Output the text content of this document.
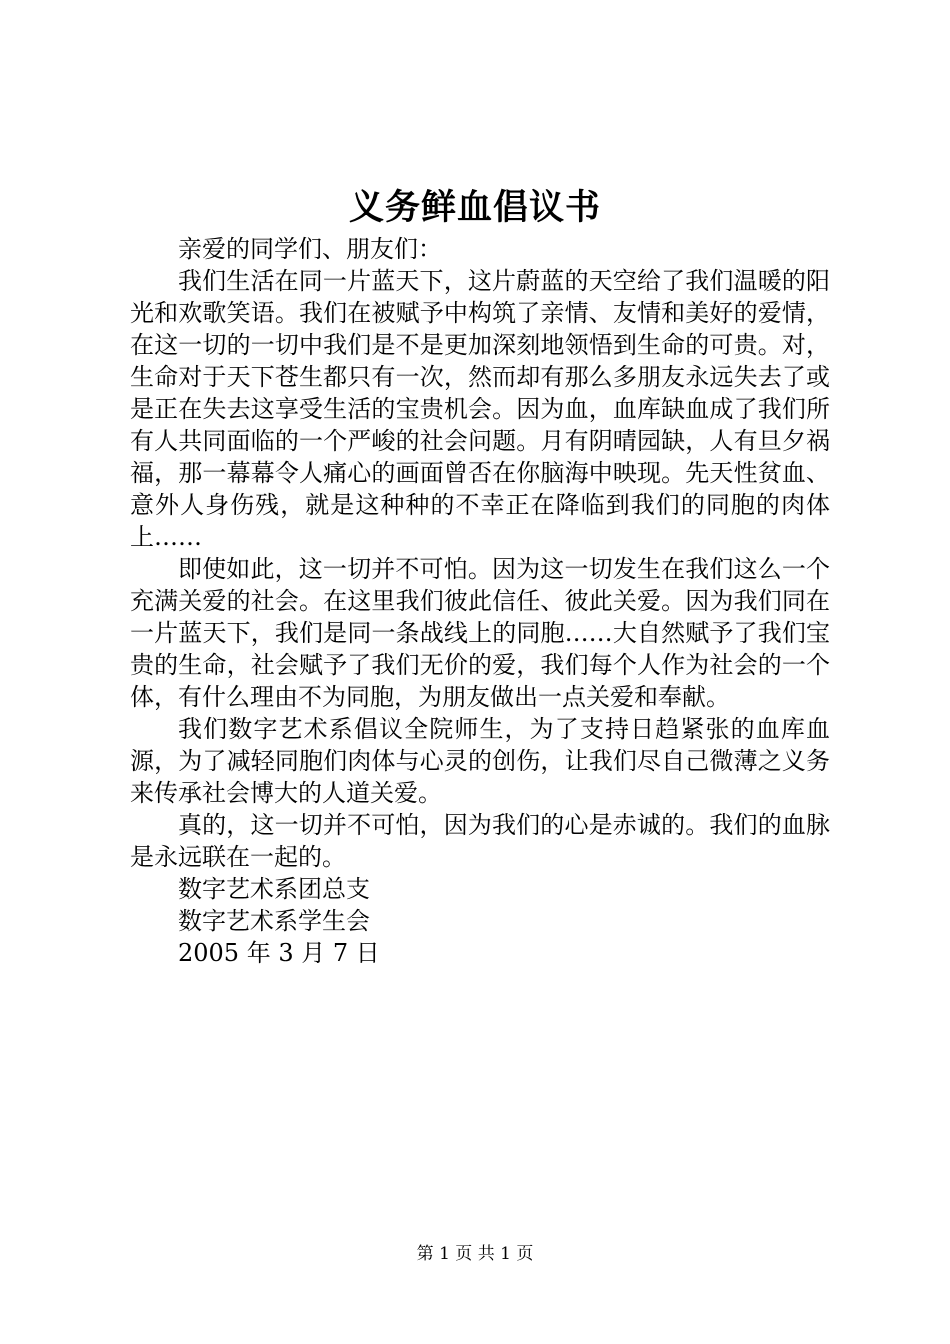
义务鲜血倡议书

亲爱的同学们、朋友们：

我们生活在同一片蓝天下，这片蔚蓝的天空给了我们温暖的阳光和欢歌笑语。我们在被赋予中构筑了亲情、友情和美好的爱情，在这一切的一切中我们是不是更加深刻地领悟到生命的可贵。对，生命对于天下苍生都只有一次，然而却有那么多朋友永远失去了或是正在失去这享受生活的宝贵机会。因为血，血库缺血成了我们所有人共同面临的一个严峻的社会问题。月有阴晴园缺，人有旦夕祸福，那一幕幕令人痛心的画面曾否在你脑海中映现。先天性贫血、意外人身伤残，就是这种种的不幸正在降临到我们的同胞的肉体上……

即使如此，这一切并不可怕。因为这一切发生在我们这么一个充满关爱的社会。在这里我们彼此信任、彼此关爱。因为我们同在一片蓝天下，我们是同一条战线上的同胞……大自然赋予了我们宝贵的生命，社会赋予了我们无价的爱，我们每个人作为社会的一个体，有什么理由不为同胞，为朋友做出一点关爱和奉献。

我们数字艺术系倡议全院师生，为了支持日趋紧张的血库血源，为了减轻同胞们肉体与心灵的创伤，让我们尽自己微薄之义务来传承社会博大的人道关爱。

真的，这一切并不可怕，因为我们的心是赤诚的。我们的血脉是永远联在一起的。

数字艺术系团总支

数字艺术系学生会

2005 年 3 月 7 日

第 1 页 共 1 页
